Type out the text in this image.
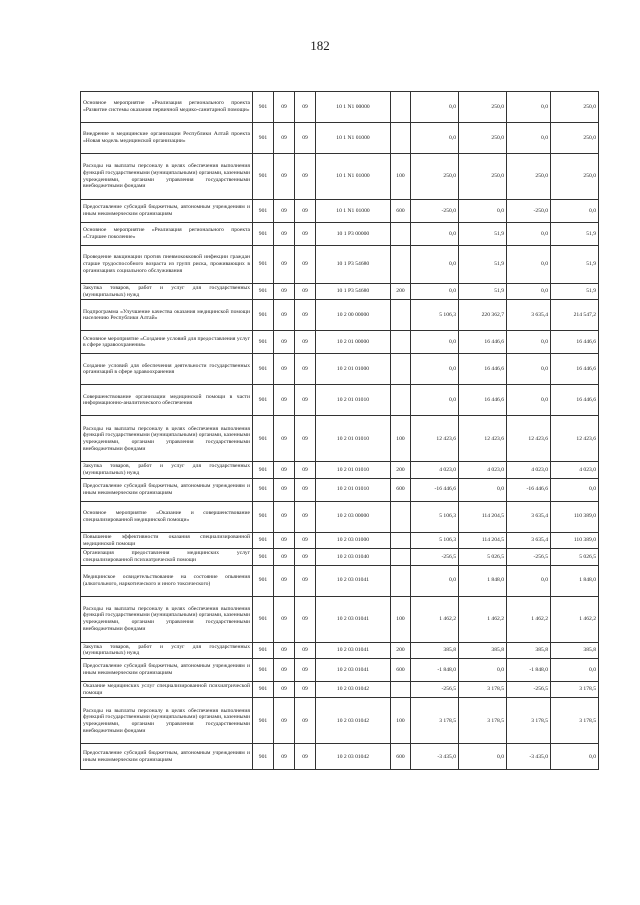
182
Основное мероприятие «Реализация регионального проекта «Развитие системы оказания первичной медико-санитарной помощи»	901	09	09	10 1 N1 00000		0,0	250,0	0,0	250,0
Внедрение в медицинские организации Республики Алтай проекта «Новая модель медицинской организации»	901	09	09	10 1 N1 01000		0,0	250,0	0,0	250,0
Расходы на выплаты персоналу в целях обеспечения выполнения функций государственными (муниципальными) органами, казенными учреждениями, органами управления государственными внебюджетными фондами	901	09	09	10 1 N1 01000	100	250,0	250,0	250,0	250,0
Предоставление субсидий бюджетным, автономным учреждениям и иным некоммерческим организациям	901	09	09	10 1 N1 01000	600	-250,0	0,0	-250,0	0,0
Основное мероприятие «Реализация регионального проекта «Старшее поколение»	901	09	09	10 1 P3 00000		0,0	51,9	0,0	51,9
Проведение вакцинации против пневмококковой инфекции граждан старше трудоспособного возраста из групп риска, проживающих в организациях социального обслуживания	901	09	09	10 1 P3 54680		0,0	51,9	0,0	51,9
Закупка товаров, работ и услуг для государственных (муниципальных) нужд	901	09	09	10 1 P3 54680	200	0,0	51,9	0,0	51,9
Подпрограмма «Улучшение качества оказания медицинской помощи населению Республики Алтай»	901	09	09	10 2 00 00000		5 106,3	220 362,7	3 635,4	214 547,2
Основное мероприятие «Создание условий для предоставления услуг в сфере здравоохранения»	901	09	09	10 2 01 00000		0,0	16 446,6	0,0	16 446,6
Создание условий для обеспечения деятельности государственных организаций в сфере здравоохранения	901	09	09	10 2 01 01000		0,0	16 446,6	0,0	16 446,6
Совершенствование организации медицинской помощи в части информационно-аналитического обеспечения	901	09	09	10 2 01 01010		0,0	16 446,6	0,0	16 446,6
Расходы на выплаты персоналу в целях обеспечения выполнения функций государственными (муниципальными) органами, казенными учреждениями, органами управления государственными внебюджетными фондами	901	09	09	10 2 01 01010	100	12 423,6	12 423,6	12 423,6	12 423,6
Закупка товаров, работ и услуг для государственных (муниципальных) нужд	901	09	09	10 2 01 01010	200	4 023,0	4 023,0	4 023,0	4 023,0
Предоставление субсидий бюджетным, автономным учреждениям и иным некоммерческим организациям	901	09	09	10 2 01 01010	600	-16 446,6	0,0	-16 446,6	0,0
Основное мероприятие «Оказание и совершенствование специализированной медицинской помощи»	901	09	09	10 2 03 00000		5 106,3	114 204,5	3 635,4	110 389,0
Повышение эффективности оказания специализированной медицинской помощи	901	09	09	10 2 03 01000		5 106,3	114 204,5	3 635,4	110 389,0
Организация предоставления медицинских услуг специализированной психиатрической помощи	901	09	09	10 2 03 01040		-256,5	5 026,5	-256,5	5 026,5
Медицинское освидетельствование на состояние опьянения (алкогольного, наркотического и иного токсического)	901	09	09	10 2 03 01041		0,0	1 848,0	0,0	1 848,0
Расходы на выплаты персоналу в целях обеспечения выполнения функций государственными (муниципальными) органами, казенными учреждениями, органами управления государственными внебюджетными фондами	901	09	09	10 2 03 01041	100	1 462,2	1 462,2	1 462,2	1 462,2
Закупка товаров, работ и услуг для государственных (муниципальных) нужд	901	09	09	10 2 03 01041	200	385,8	385,8	385,8	385,8
Предоставление субсидий бюджетным, автономным учреждениям и иным некоммерческим организациям	901	09	09	10 2 03 01041	600	-1 848,0	0,0	-1 848,0	0,0
Оказание медицинских услуг специализированной психиатрической помощи	901	09	09	10 2 03 01042		-256,5	3 178,5	-256,5	3 178,5
Расходы на выплаты персоналу в целях обеспечения выполнения функций государственными (муниципальными) органами, казенными учреждениями, органами управления государственными внебюджетными фондами	901	09	09	10 2 03 01042	100	3 178,5	3 178,5	3 178,5	3 178,5
Предоставление субсидий бюджетным, автономным учреждениям и иным некоммерческим организациям	901	09	09	10 2 03 01042	600	-3 435,0	0,0	-3 435,0	0,0
